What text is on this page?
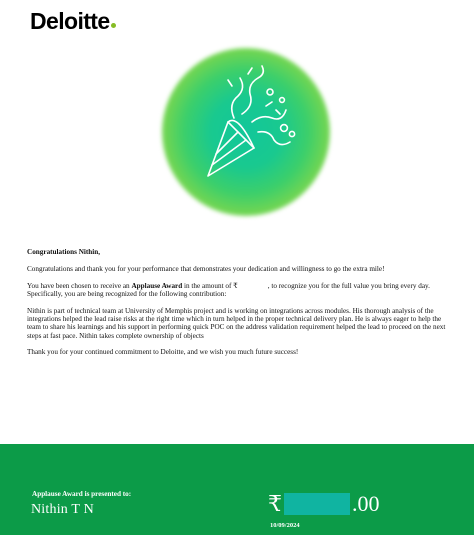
Deloitte

Congratulations Nithin,

Congratulations and thank you for your performance that demonstrates your dedication and willingness to go the extra mile!

You have been chosen to receive an Applause Award in the amount of ₹	, to recognize you for the full value you bring every day. Specifically, you are being recognized for the following contribution:

Nithin is part of technical team at University of Memphis project and is working on integrations across modules. His thorough analysis of the integrations helped the lead raise risks at the right time which in turn helped in the proper technical delivery plan. He is always eager to help the team to share his learnings and his support in performing quick POC on the address validation requirement helped the lead to proceed on the next steps at fast pace. Nithin takes complete ownership of objects

Thank you for your continued commitment to Deloitte, and we wish you much future success!

Applause Award is presented to:
Nithin T N	₹	.00
10/09/2024
